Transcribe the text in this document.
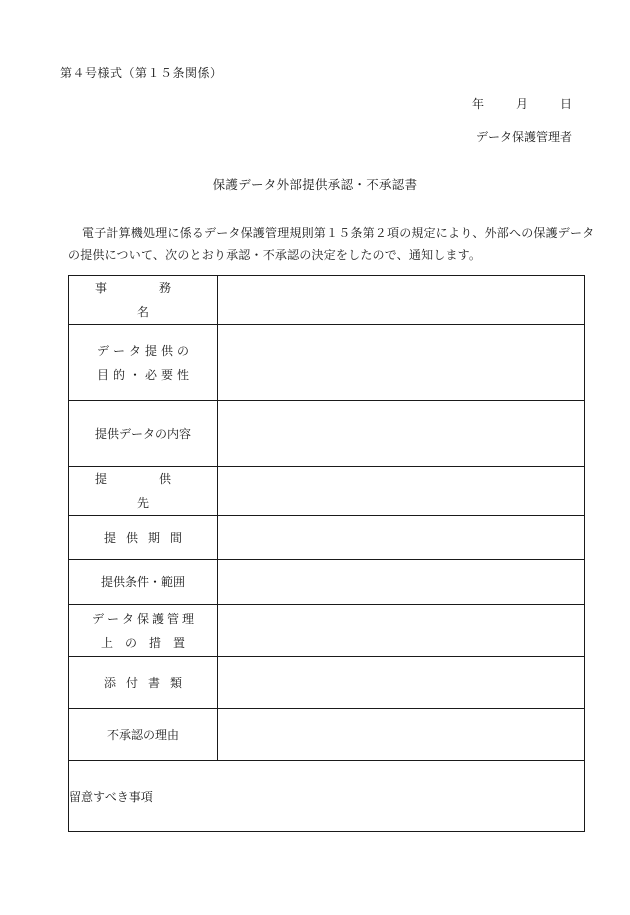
第４号様式（第１５条関係）
年	月	日
データ保護管理者
保護データ外部提供承認・不承認書
電子計算機処理に係るデータ保護管理規則第１５条第２項の規定により、外部への保護データの提供について、次のとおり承認・不承認の決定をしたので、通知します。
事　務　名	

データ提供の
目的・必要性	

提供データの内容	
提　供　先	
提供期間	
提供条件・範囲	

データ保護管理
上　の　措　置	

添付書類	
不承認の理由	
留意すべき事項	
